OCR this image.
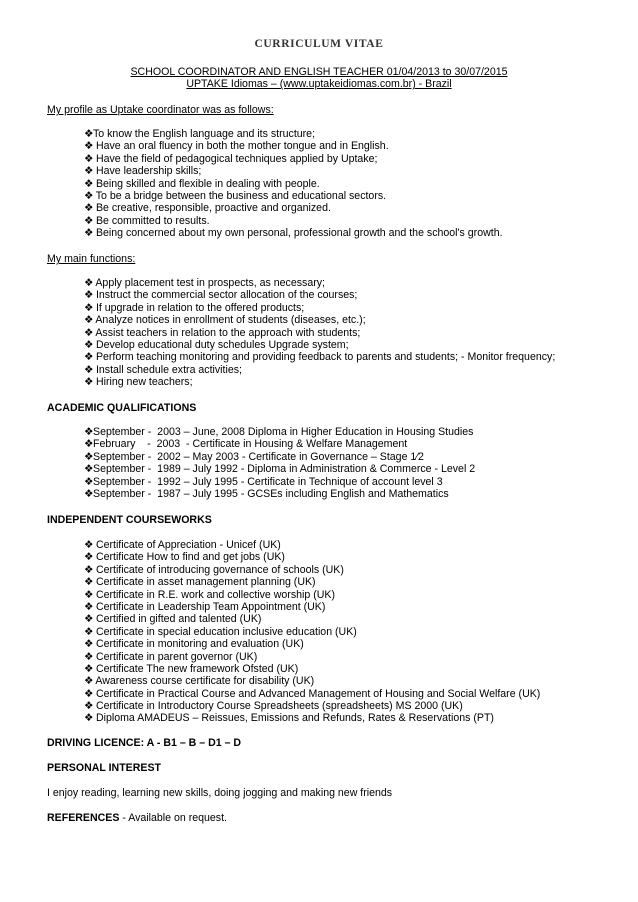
CURRICULUM VITAE
SCHOOL COORDINATOR AND ENGLISH TEACHER 01/04/2013 to 30/07/2015
UPTAKE Idiomas – (www.uptakeidiomas.com.br) - Brazil
My profile as Uptake coordinator was as follows:
❖To know the English language and its structure;
❖ Have an oral fluency in both the mother tongue and in English.
❖ Have the field of pedagogical techniques applied by Uptake;
❖ Have leadership skills;
❖ Being skilled and flexible in dealing with people.
❖ To be a bridge between the business and educational sectors.
❖ Be creative, responsible, proactive and organized.
❖ Be committed to results.
❖ Being concerned about my own personal, professional growth and the school's growth.
My main functions:
❖ Apply placement test in prospects, as necessary;
❖ Instruct the commercial sector allocation of the courses;
❖ If upgrade in relation to the offered products;
❖ Analyze notices in enrollment of students (diseases, etc.);
❖ Assist teachers in relation to the approach with students;
❖ Develop educational duty schedules Upgrade system;
❖ Perform teaching monitoring and providing feedback to parents and students; - Monitor frequency;
❖ Install schedule extra activities;
❖ Hiring new teachers;
ACADEMIC QUALIFICATIONS
❖September -  2003 – June, 2008 Diploma in Higher Education in Housing Studies
❖February    -  2003  - Certificate in Housing & Welfare Management
❖September -  2002 – May 2003 - Certificate in Governance – Stage 1⁄2
❖September -  1989 – July 1992 - Diploma in Administration & Commerce - Level 2
❖September -  1992 – July 1995 - Certificate in Technique of account level 3
❖September -  1987 – July 1995 - GCSEs including English and Mathematics
INDEPENDENT COURSEWORKS
❖ Certificate of Appreciation - Unicef (UK)
❖ Certificate How to find and get jobs (UK)
❖ Certificate of introducing governance of schools (UK)
❖ Certificate in asset management planning (UK)
❖ Certificate in R.E. work and collective worship (UK)
❖ Certificate in Leadership Team Appointment (UK)
❖ Certified in gifted and talented (UK)
❖ Certificate in special education inclusive education (UK)
❖ Certificate in monitoring and evaluation (UK)
❖ Certificate in parent governor (UK)
❖ Certificate The new framework Ofsted (UK)
❖ Awareness course certificate for disability (UK)
❖ Certificate in Practical Course and Advanced Management of Housing and Social Welfare (UK)
❖ Certificate in Introductory Course Spreadsheets (spreadsheets) MS 2000 (UK)
❖ Diploma AMADEUS – Reissues, Emissions and Refunds, Rates & Reservations (PT)
DRIVING LICENCE: A - B1 – B – D1 – D
PERSONAL INTEREST
I enjoy reading, learning new skills, doing jogging and making new friends
REFERENCES - Available on request.
